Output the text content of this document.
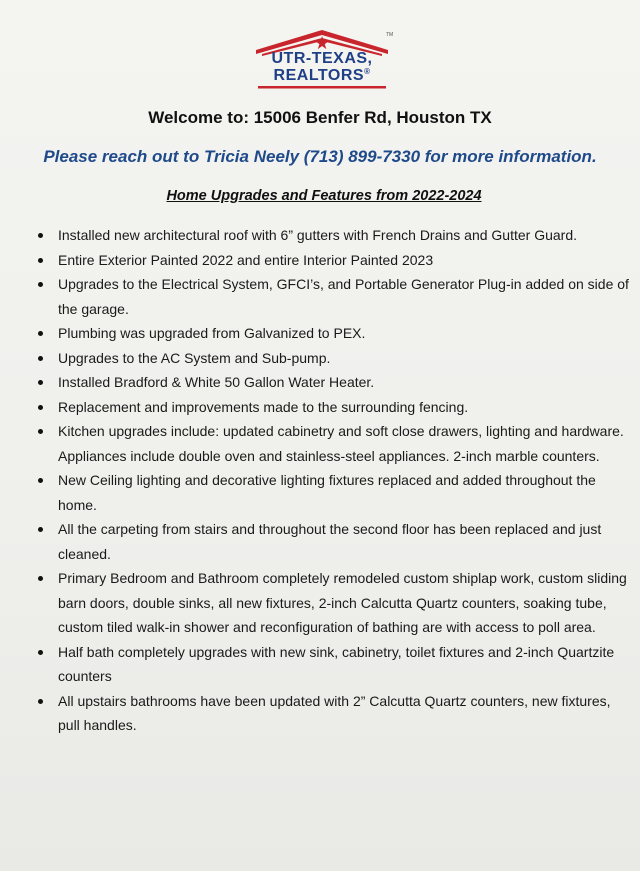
★	TM
UTR-TEXAS,
REALTORS®
Welcome to: 15006 Benfer Rd, Houston TX
Please reach out to Tricia Neely (713) 899-7330 for more information.
Home Upgrades and Features from 2022-2024
Installed new architectural roof with 6” gutters with French Drains and Gutter Guard.
Entire Exterior Painted 2022 and entire Interior Painted 2023
Upgrades to the Electrical System, GFCI’s, and Portable Generator Plug-in added on side of the garage.
Plumbing was upgraded from Galvanized to PEX.
Upgrades to the AC System and Sub-pump.
Installed Bradford & White 50 Gallon Water Heater.
Replacement and improvements made to the surrounding fencing.
Kitchen upgrades include: updated cabinetry and soft close drawers, lighting and hardware. Appliances include double oven and stainless-steel appliances. 2-inch marble counters.
New Ceiling lighting and decorative lighting fixtures replaced and added throughout the home.
All the carpeting from stairs and throughout the second floor has been replaced and just cleaned.
Primary Bedroom and Bathroom completely remodeled custom shiplap work, custom sliding barn doors, double sinks, all new fixtures, 2-inch Calcutta Quartz counters, soaking tube, custom tiled walk-in shower and reconfiguration of bathing are with access to poll area.
Half bath completely upgrades with new sink, cabinetry, toilet fixtures and 2-inch Quartzite counters
All upstairs bathrooms have been updated with 2” Calcutta Quartz counters, new fixtures, pull handles.
